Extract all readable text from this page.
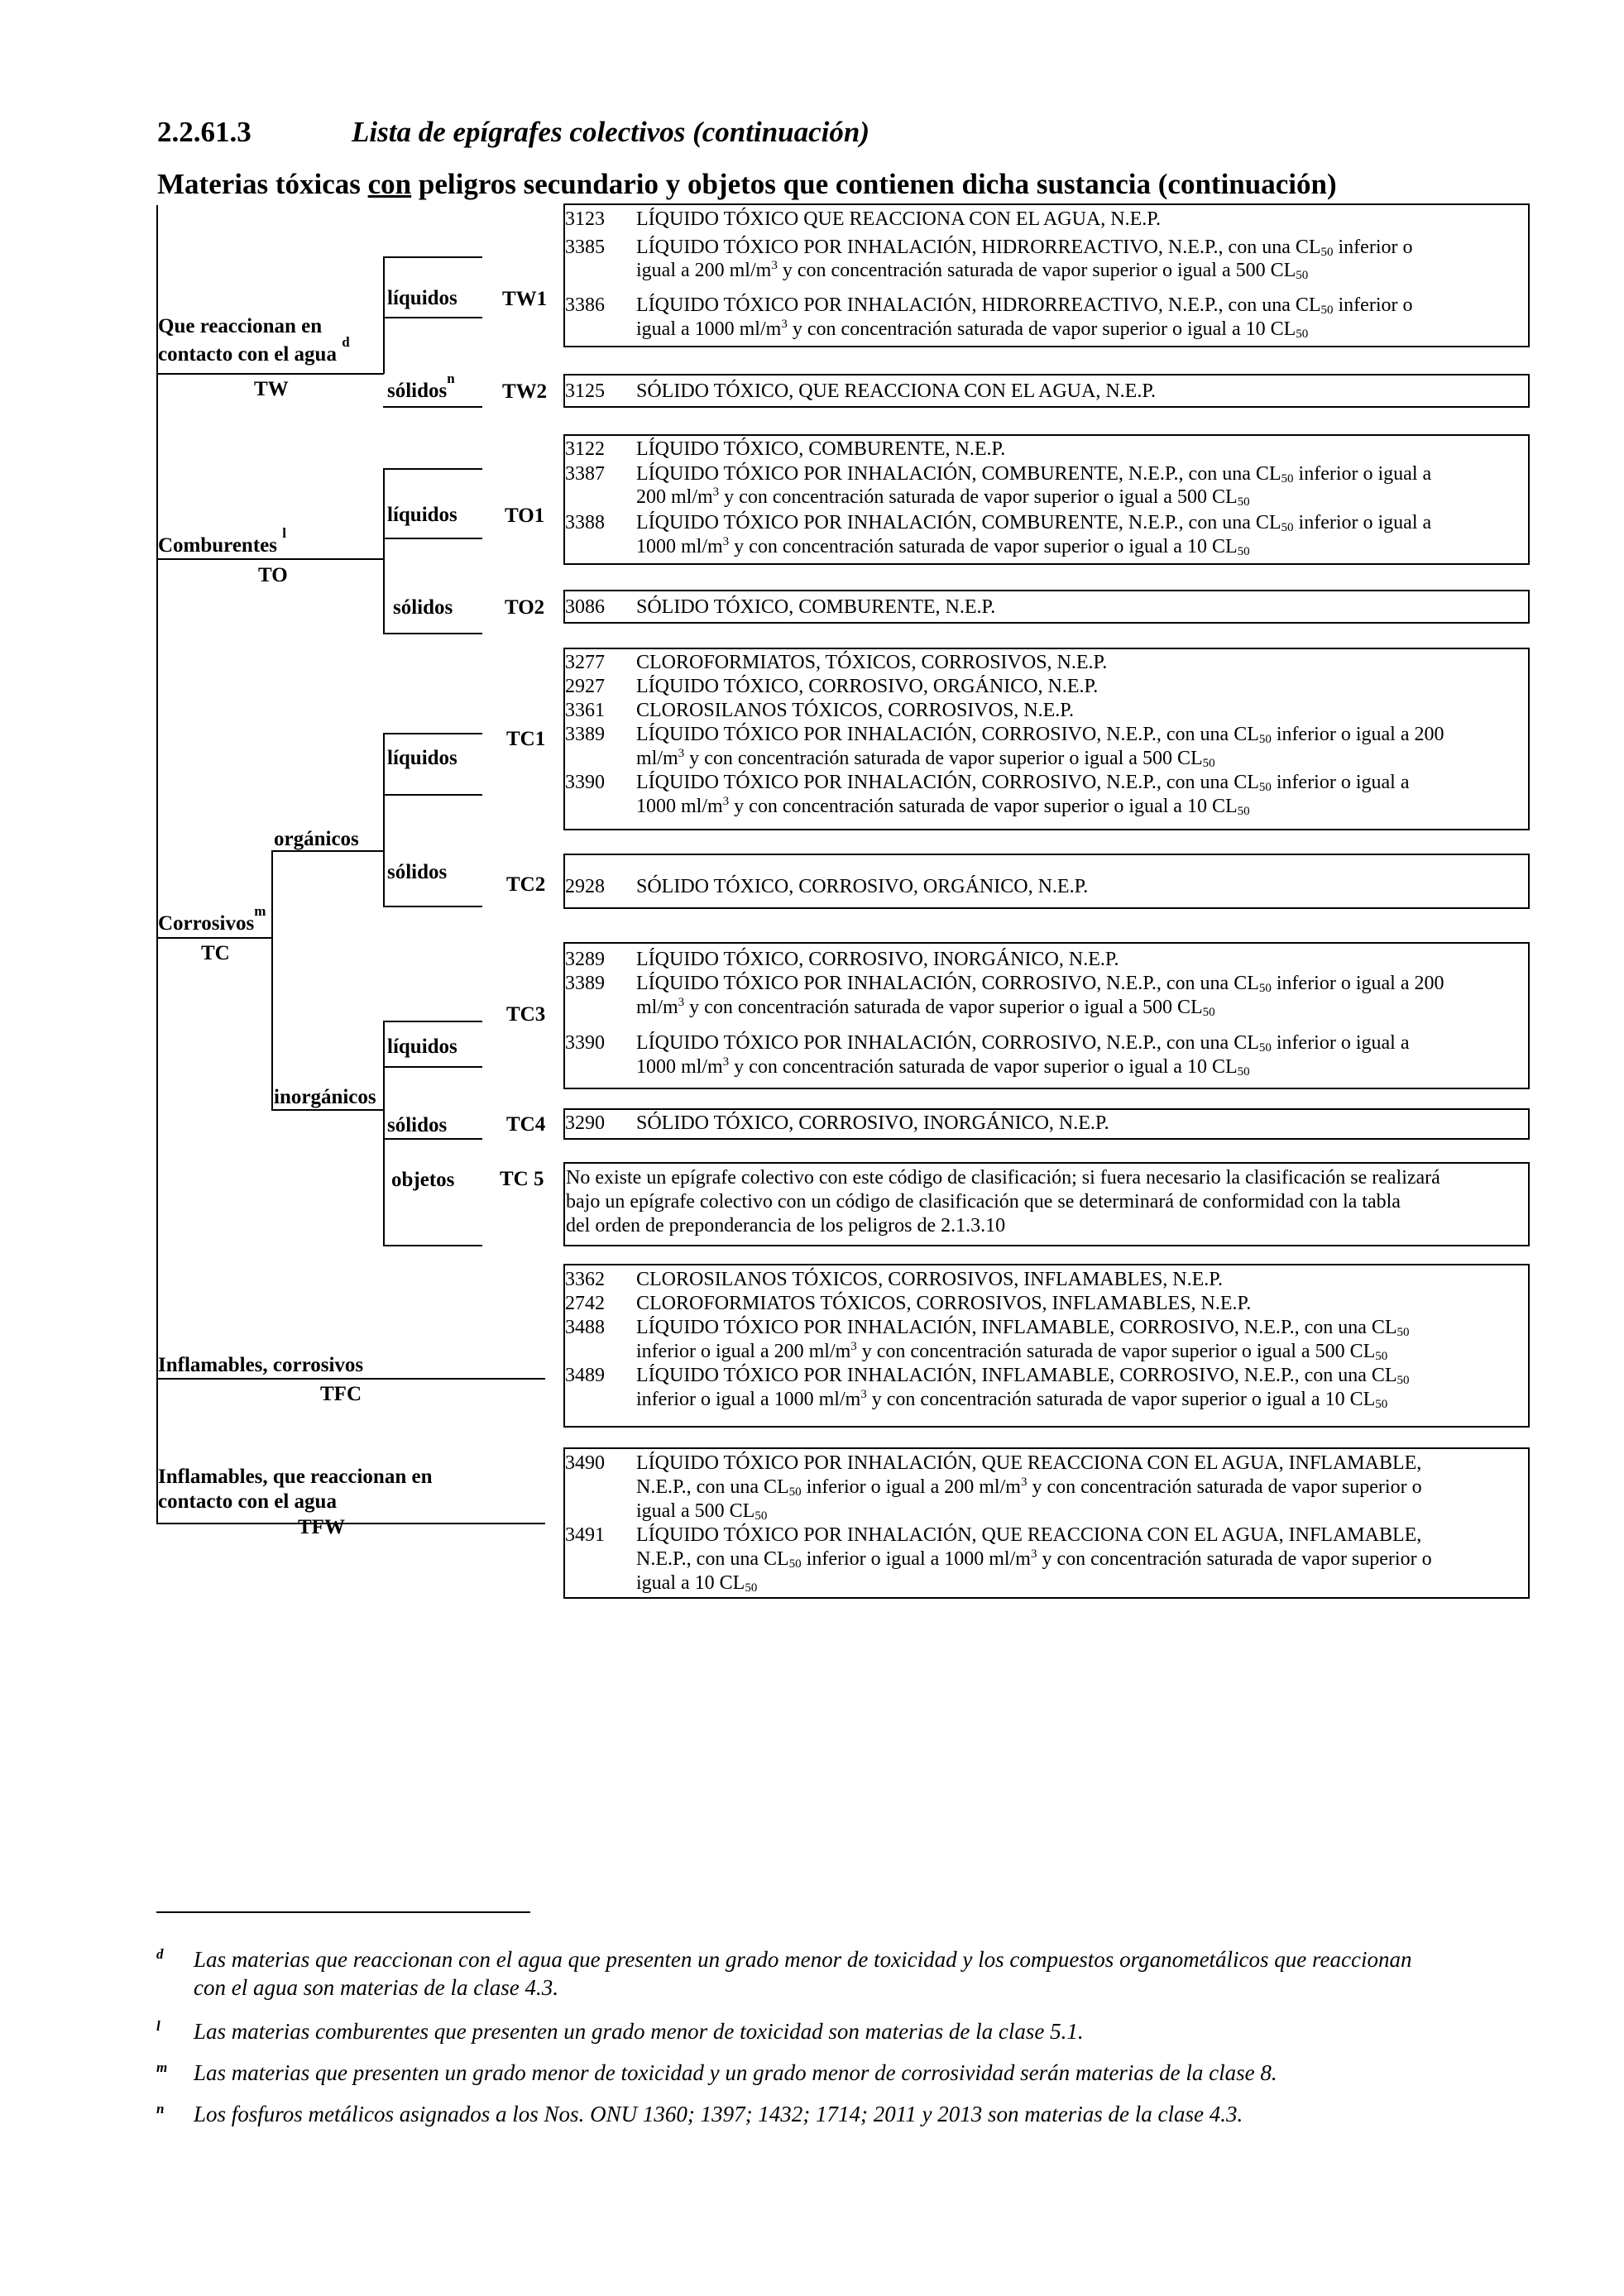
2.2.61.3	Lista de epígrafes colectivos (continuación)
Materias tóxicas con peligros secundario y objetos que contienen dicha sustancia (continuación)
Que reaccionan en
contacto con el agua $^d$
TW
Comburentes $^l$
TO
Corrosivos$^m$
TC
orgánicos
inorgánicos
Inflamables, corrosivos
TFC
Inflamables, que reaccionan en
contacto con el agua
TFW
líquidos
sólidos$^n$
líquidos
sólidos
líquidos
sólidos
líquidos
sólidos
objetos
TW1
TW2
TO1
TO2
TC1
TC2
TC3
TC4
TC 5
3123 LÍQUIDO TÓXICO QUE REACCIONA CON EL AGUA, N.E.P.
3385 LÍQUIDO TÓXICO POR INHALACIÓN, HIDRORREACTIVO, N.E.P., con una $CL_{50}$ inferior o
igual a 200 $ml/m^3$ y con concentración saturada de vapor superior o igual a 500 $CL_{50}$
3386 LÍQUIDO TÓXICO POR INHALACIÓN, HIDRORREACTIVO, N.E.P., con una $CL_{50}$ inferior o
igual a 1000 $ml/m^3$ y con concentración saturada de vapor superior o igual a 10 $CL_{50}$
3125 SÓLIDO TÓXICO, QUE REACCIONA CON EL AGUA, N.E.P.
3122 LÍQUIDO TÓXICO, COMBURENTE, N.E.P.
3387 LÍQUIDO TÓXICO POR INHALACIÓN, COMBURENTE, N.E.P., con una $CL_{50}$ inferior o igual a
200 $ml/m^3$ y con concentración saturada de vapor superior o igual a 500 $CL_{50}$
3388 LÍQUIDO TÓXICO POR INHALACIÓN, COMBURENTE, N.E.P., con una $CL_{50}$ inferior o igual a
1000 $ml/m^3$ y con concentración saturada de vapor superior o igual a 10 $CL_{50}$
3086 SÓLIDO TÓXICO, COMBURENTE, N.E.P.
3277 CLOROFORMIATOS, TÓXICOS, CORROSIVOS, N.E.P.
2927 LÍQUIDO TÓXICO, CORROSIVO, ORGÁNICO, N.E.P.
3361 CLOROSILANOS TÓXICOS, CORROSIVOS, N.E.P.
3389 LÍQUIDO TÓXICO POR INHALACIÓN, CORROSIVO, N.E.P., con una $CL_{50}$ inferior o igual a 200
$ml/m^3$ y con concentración saturada de vapor superior o igual a 500 $CL_{50}$
3390 LÍQUIDO TÓXICO POR INHALACIÓN, CORROSIVO, N.E.P., con una $CL_{50}$ inferior o igual a
1000 $ml/m^3$ y con concentración saturada de vapor superior o igual a 10 $CL_{50}$
2928 SÓLIDO TÓXICO, CORROSIVO, ORGÁNICO, N.E.P.
3289 LÍQUIDO TÓXICO, CORROSIVO, INORGÁNICO, N.E.P.
3389 LÍQUIDO TÓXICO POR INHALACIÓN, CORROSIVO, N.E.P., con una $CL_{50}$ inferior o igual a 200
$ml/m^3$ y con concentración saturada de vapor superior o igual a 500 $CL_{50}$
3390 LÍQUIDO TÓXICO POR INHALACIÓN, CORROSIVO, N.E.P., con una $CL_{50}$ inferior o igual a
1000 $ml/m^3$ y con concentración saturada de vapor superior o igual a 10 $CL_{50}$
3290 SÓLIDO TÓXICO, CORROSIVO, INORGÁNICO, N.E.P.
No existe un epígrafe colectivo con este código de clasificación; si fuera necesario la clasificación se realizará
bajo un epígrafe colectivo con un código de clasificación que se determinará de conformidad con la tabla
del orden de preponderancia de los peligros de 2.1.3.10
3362 CLOROSILANOS TÓXICOS, CORROSIVOS, INFLAMABLES, N.E.P.
2742 CLOROFORMIATOS TÓXICOS, CORROSIVOS, INFLAMABLES, N.E.P.
3488 LÍQUIDO TÓXICO POR INHALACIÓN, INFLAMABLE, CORROSIVO, N.E.P., con una $CL_{50}$
inferior o igual a 200 $ml/m^3$ y con concentración saturada de vapor superior o igual a 500 $CL_{50}$
3489 LÍQUIDO TÓXICO POR INHALACIÓN, INFLAMABLE, CORROSIVO, N.E.P., con una $CL_{50}$
inferior o igual a 1000 $ml/m^3$ y con concentración saturada de vapor superior o igual a 10 $CL_{50}$
3490 LÍQUIDO TÓXICO POR INHALACIÓN, QUE REACCIONA CON EL AGUA, INFLAMABLE,
N.E.P., con una $CL_{50}$ inferior o igual a 200 $ml/m^3$ y con concentración saturada de vapor superior o
igual a 500 $CL_{50}$
3491 LÍQUIDO TÓXICO POR INHALACIÓN, QUE REACCIONA CON EL AGUA, INFLAMABLE,
N.E.P., con una $CL_{50}$ inferior o igual a 1000 $ml/m^3$ y con concentración saturada de vapor superior o
igual a 10 $CL_{50}$
d Las materias que reaccionan con el agua que presenten un grado menor de toxicidad y los compuestos organometálicos que reaccionan
con el agua son materias de la clase 4.3.
l Las materias comburentes que presenten un grado menor de toxicidad son materias de la clase 5.1.
m Las materias que presenten un grado menor de toxicidad y un grado menor de corrosividad serán materias de la clase 8.
n Los fosfuros metálicos asignados a los Nos. ONU 1360; 1397; 1432; 1714; 2011 y 2013 son materias de la clase 4.3.
